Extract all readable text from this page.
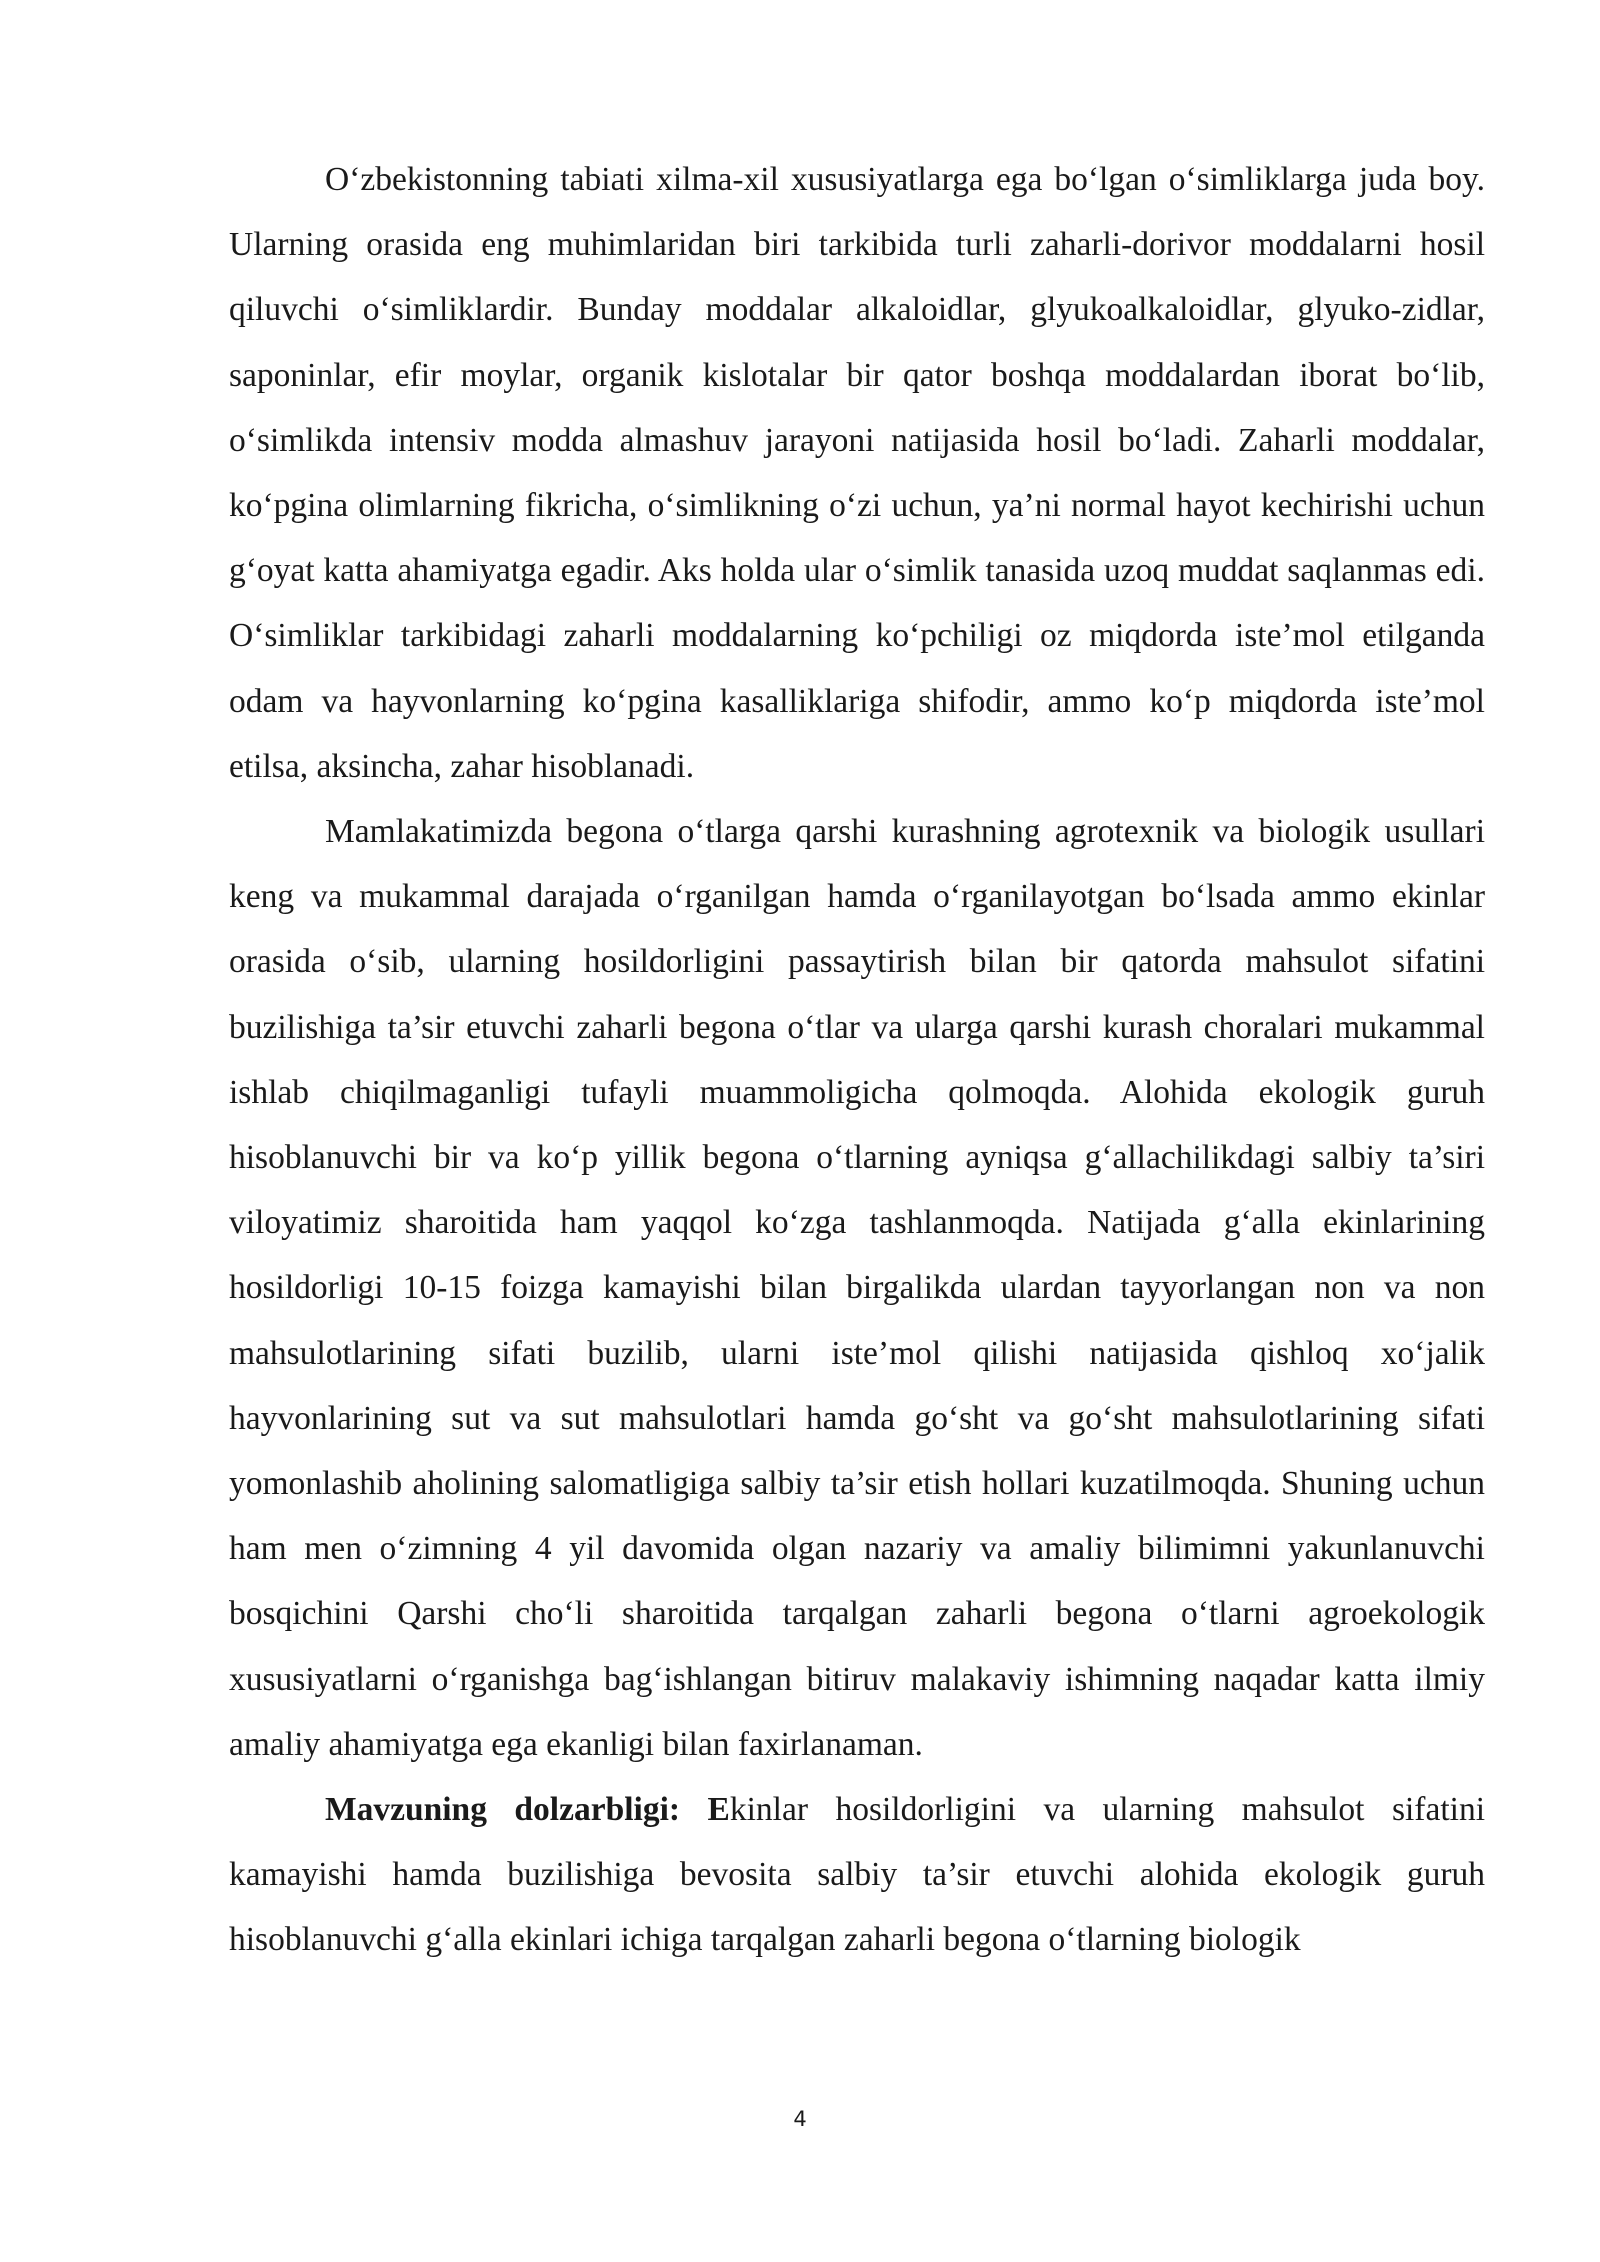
O‘zbekistonning tabiati xilma-xil xususiyatlarga ega bo‘lgan o‘simliklarga juda boy. Ularning orasida eng muhimlaridan biri tarkibida turli zaharli-dorivor moddalarni hosil qiluvchi o‘simliklardir. Bunday moddalar alkaloidlar, glyukoalkaloidlar, glyuko-zidlar, saponinlar, efir moylar, organik kislotalar bir qator boshqa moddalardan iborat bo‘lib, o‘simlikda intensiv modda almashuv jarayoni natijasida hosil bo‘ladi. Zaharli moddalar, ko‘pgina olimlarning fikricha, o‘simlikning o‘zi uchun, ya’ni normal hayot kechirishi uchun g‘oyat katta ahamiyatga egadir. Aks holda ular o‘simlik tanasida uzoq muddat saqlanmas edi. O‘simliklar tarkibidagi zaharli moddalarning ko‘pchiligi oz miqdorda iste’mol etilganda odam va hayvonlarning ko‘pgina kasalliklariga shifodir, ammo ko‘p miqdorda iste’mol etilsa, aksincha, zahar hisoblanadi.

Mamlakatimizda begona o‘tlarga qarshi kurashning agrotexnik va biologik usullari keng va mukammal darajada o‘rganilgan hamda o‘rganilayotgan bo‘lsada ammo ekinlar orasida o‘sib, ularning hosildorligini passaytirish bilan bir qatorda mahsulot sifatini buzilishiga ta’sir etuvchi zaharli begona o‘tlar va ularga qarshi kurash choralari mukammal ishlab chiqilmaganligi tufayli muammoligicha qolmoqda. Alohida ekologik guruh hisoblanuvchi bir va ko‘p yillik begona o‘tlarning ayniqsa g‘allachilikdagi salbiy ta’siri viloyatimiz sharoitida ham yaqqol ko‘zga tashlanmoqda. Natijada g‘alla ekinlarining hosildorligi 10-15 foizga kamayishi bilan birgalikda ulardan tayyorlangan non va non mahsulotlarining sifati buzilib, ularni iste’mol qilishi natijasida qishloq xo‘jalik hayvonlarining sut va sut mahsulotlari hamda go‘sht va go‘sht mahsulotlarining sifati yomonlashib aholining salomatligiga salbiy ta’sir etish hollari kuzatilmoqda. Shuning uchun ham men o‘zimning 4 yil davomida olgan nazariy va amaliy bilimimni yakunlanuvchi bosqichini Qarshi cho‘li sharoitida tarqalgan zaharli begona o‘tlarni agroekologik xususiyatlarni o‘rganishga bag‘ishlangan bitiruv malakaviy ishimning naqadar katta ilmiy amaliy ahamiyatga ega ekanligi bilan faxirlanaman.

Mavzuning dolzarbligi: Ekinlar hosildorligini va ularning mahsulot sifatini kamayishi hamda buzilishiga bevosita salbiy ta’sir etuvchi alohida ekologik guruh hisoblanuvchi g‘alla ekinlari ichiga tarqalgan zaharli begona o‘tlarning biologik

4
